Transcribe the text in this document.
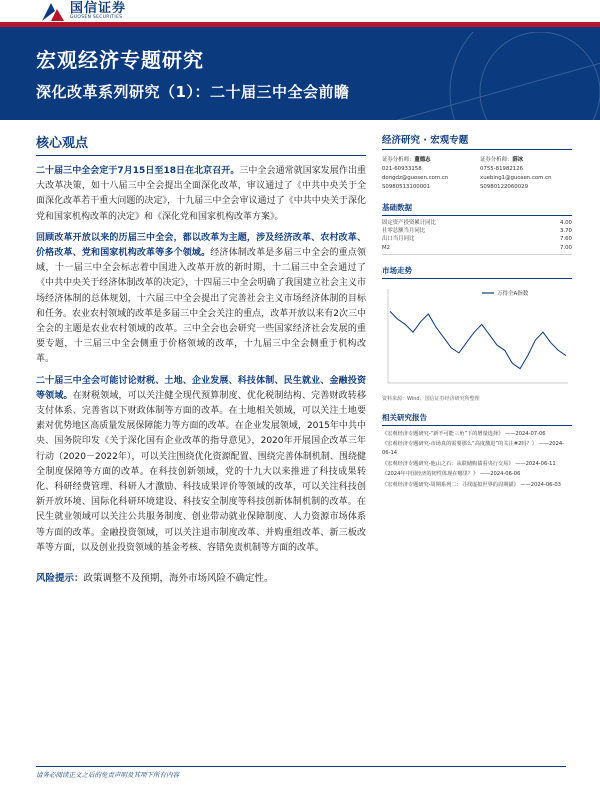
国信证券
GUOSEN SECURITIES
宏观经济专题研究
深化改革系列研究（1）：二十届三中全会前瞻
核心观点

二十届三中全会定于7月15日至18日在北京召开。三中全会通常就国家发展作出重大改革决策，如十八届三中全会提出全面深化改革，审议通过了《中共中央关于全面深化改革若干重大问题的决定》，十九届三中全会审议通过了《中共中央关于深化党和国家机构改革的决定》和《深化党和国家机构改革方案》。

回顾改革开放以来的历届三中全会，都以改革为主题，涉及经济改革、农村改革、价格改革、党和国家机构改革等多个领域。经济体制改革是多届三中全会的重点领域，十一届三中全会标志着中国进入改革开放的新时期，十二届三中全会通过了《中共中央关于经济体制改革的决定》，十四届三中全会明确了我国建立社会主义市场经济体制的总体规划，十六届三中全会提出了完善社会主义市场经济体制的目标和任务。农业农村领域的改革是多届三中全会关注的重点，改革开放以来有2次三中全会的主题是农业农村领域的改革。三中全会也会研究一些国家经济社会发展的重要专题，十三届三中全会侧重于价格领域的改革，十九届三中全会侧重于机构改革。

二十届三中全会可能讨论财税、土地、企业发展、科技体制、民生就业、金融投资等领域。在财税领域，可以关注健全现代预算制度、优化税制结构、完善财政转移支付体系、完善省以下财政体制等方面的改革。在土地相关领域，可以关注土地要素对优势地区高质量发展保障能力等方面的改革。在企业发展领域，2015年中共中央、国务院印发《关于深化国有企业改革的指导意见》，2020年开展国企改革三年行动（2020－2022年），可以关注围绕优化资源配置、围绕完善体制机制、围绕健全制度保障等方面的改革。在科技创新领域，党的十九大以来推进了科技成果转化、科研经费管理、科研人才激励、科技成果评价等领域的改革，可以关注科技创新开放环境、国际化科研环境建设、科技安全制度等科技创新体制机制的改革。在民生就业领域可以关注公共服务制度、创业带动就业保障制度、人力资源市场体系等方面的改革。金融投资领域，可以关注退市制度改革、并购重组改革、新三板改革等方面，以及创业投资领域的基金考核、容错免责机制等方面的改革。

风险提示：政策调整不及预期，海外市场风险不确定性。
经济研究 · 宏观专题
证券分析师：董德志
021-60933158
dongdz@guosen.com.cn
S0980513100001
证券分析师：薛冰
0755-81982126
xuebing1@guosen.com.cn
S0980122060029
基础数据
固定资产投资累计同比	4.00
社零总额当月同比	3.70
出口当月同比	7.60
M2	7.00
市场走势
万得全A指数
资料来源：Wind、国信证券经济研究所整理
相关研究报告
《宏观经济专题研究-“新不可能三角”下的增量选择》 ——2024-07-06
《宏观经济专题研究-市场真的需要那么“高度激进”的关注#2吗？》 ——2024-06-14
《宏观经济专题研究-他山之石：从联储购债看央行交易》 ——2024-06-11
《2024年中国经济的韧性体现在哪里？》 ——2024-06-06
《宏观经济专题研究-周期系列二：寻找虚拟世界的周期锚》 ——2024-06-03
请务必阅读正文之后的免责声明及其项下所有内容
